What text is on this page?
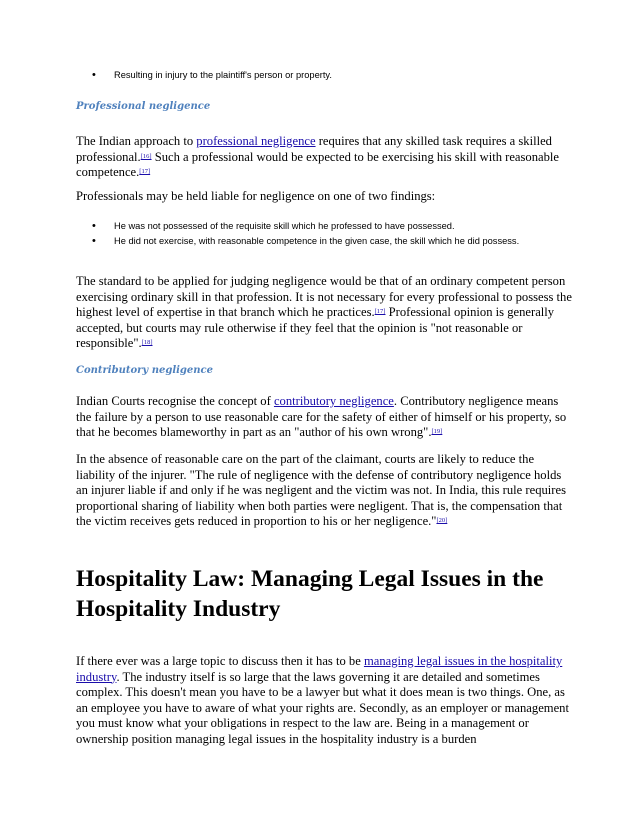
• Resulting in injury to the plaintiff's person or property.

Professional negligence

The Indian approach to professional negligence requires that any skilled task requires a skilled professional.[16] Such a professional would be expected to be exercising his skill with reasonable competence.[17]

Professionals may be held liable for negligence on one of two findings:

• He was not possessed of the requisite skill which he professed to have possessed.
• He did not exercise, with reasonable competence in the given case, the skill which he did possess.

The standard to be applied for judging negligence would be that of an ordinary competent person exercising ordinary skill in that profession. It is not necessary for every professional to possess the highest level of expertise in that branch which he practices.[17] Professional opinion is generally accepted, but courts may rule otherwise if they feel that the opinion is "not reasonable or responsible".[18]

Contributory negligence

Indian Courts recognise the concept of contributory negligence. Contributory negligence means the failure by a person to use reasonable care for the safety of either of himself or his property, so that he becomes blameworthy in part as an "author of his own wrong".[19]

In the absence of reasonable care on the part of the claimant, courts are likely to reduce the liability of the injurer. "The rule of negligence with the defense of contributory negligence holds an injurer liable if and only if he was negligent and the victim was not. In India, this rule requires proportional sharing of liability when both parties were negligent. That is, the compensation that the victim receives gets reduced in proportion to his or her negligence."[20]

Hospitality Law: Managing Legal Issues in the Hospitality Industry

If there ever was a large topic to discuss then it has to be managing legal issues in the hospitality industry. The industry itself is so large that the laws governing it are detailed and sometimes complex. This doesn't mean you have to be a lawyer but what it does mean is two things. One, as an employee you have to aware of what your rights are. Secondly, as an employer or management you must know what your obligations in respect to the law are. Being in a management or ownership position managing legal issues in the hospitality industry is a burden
